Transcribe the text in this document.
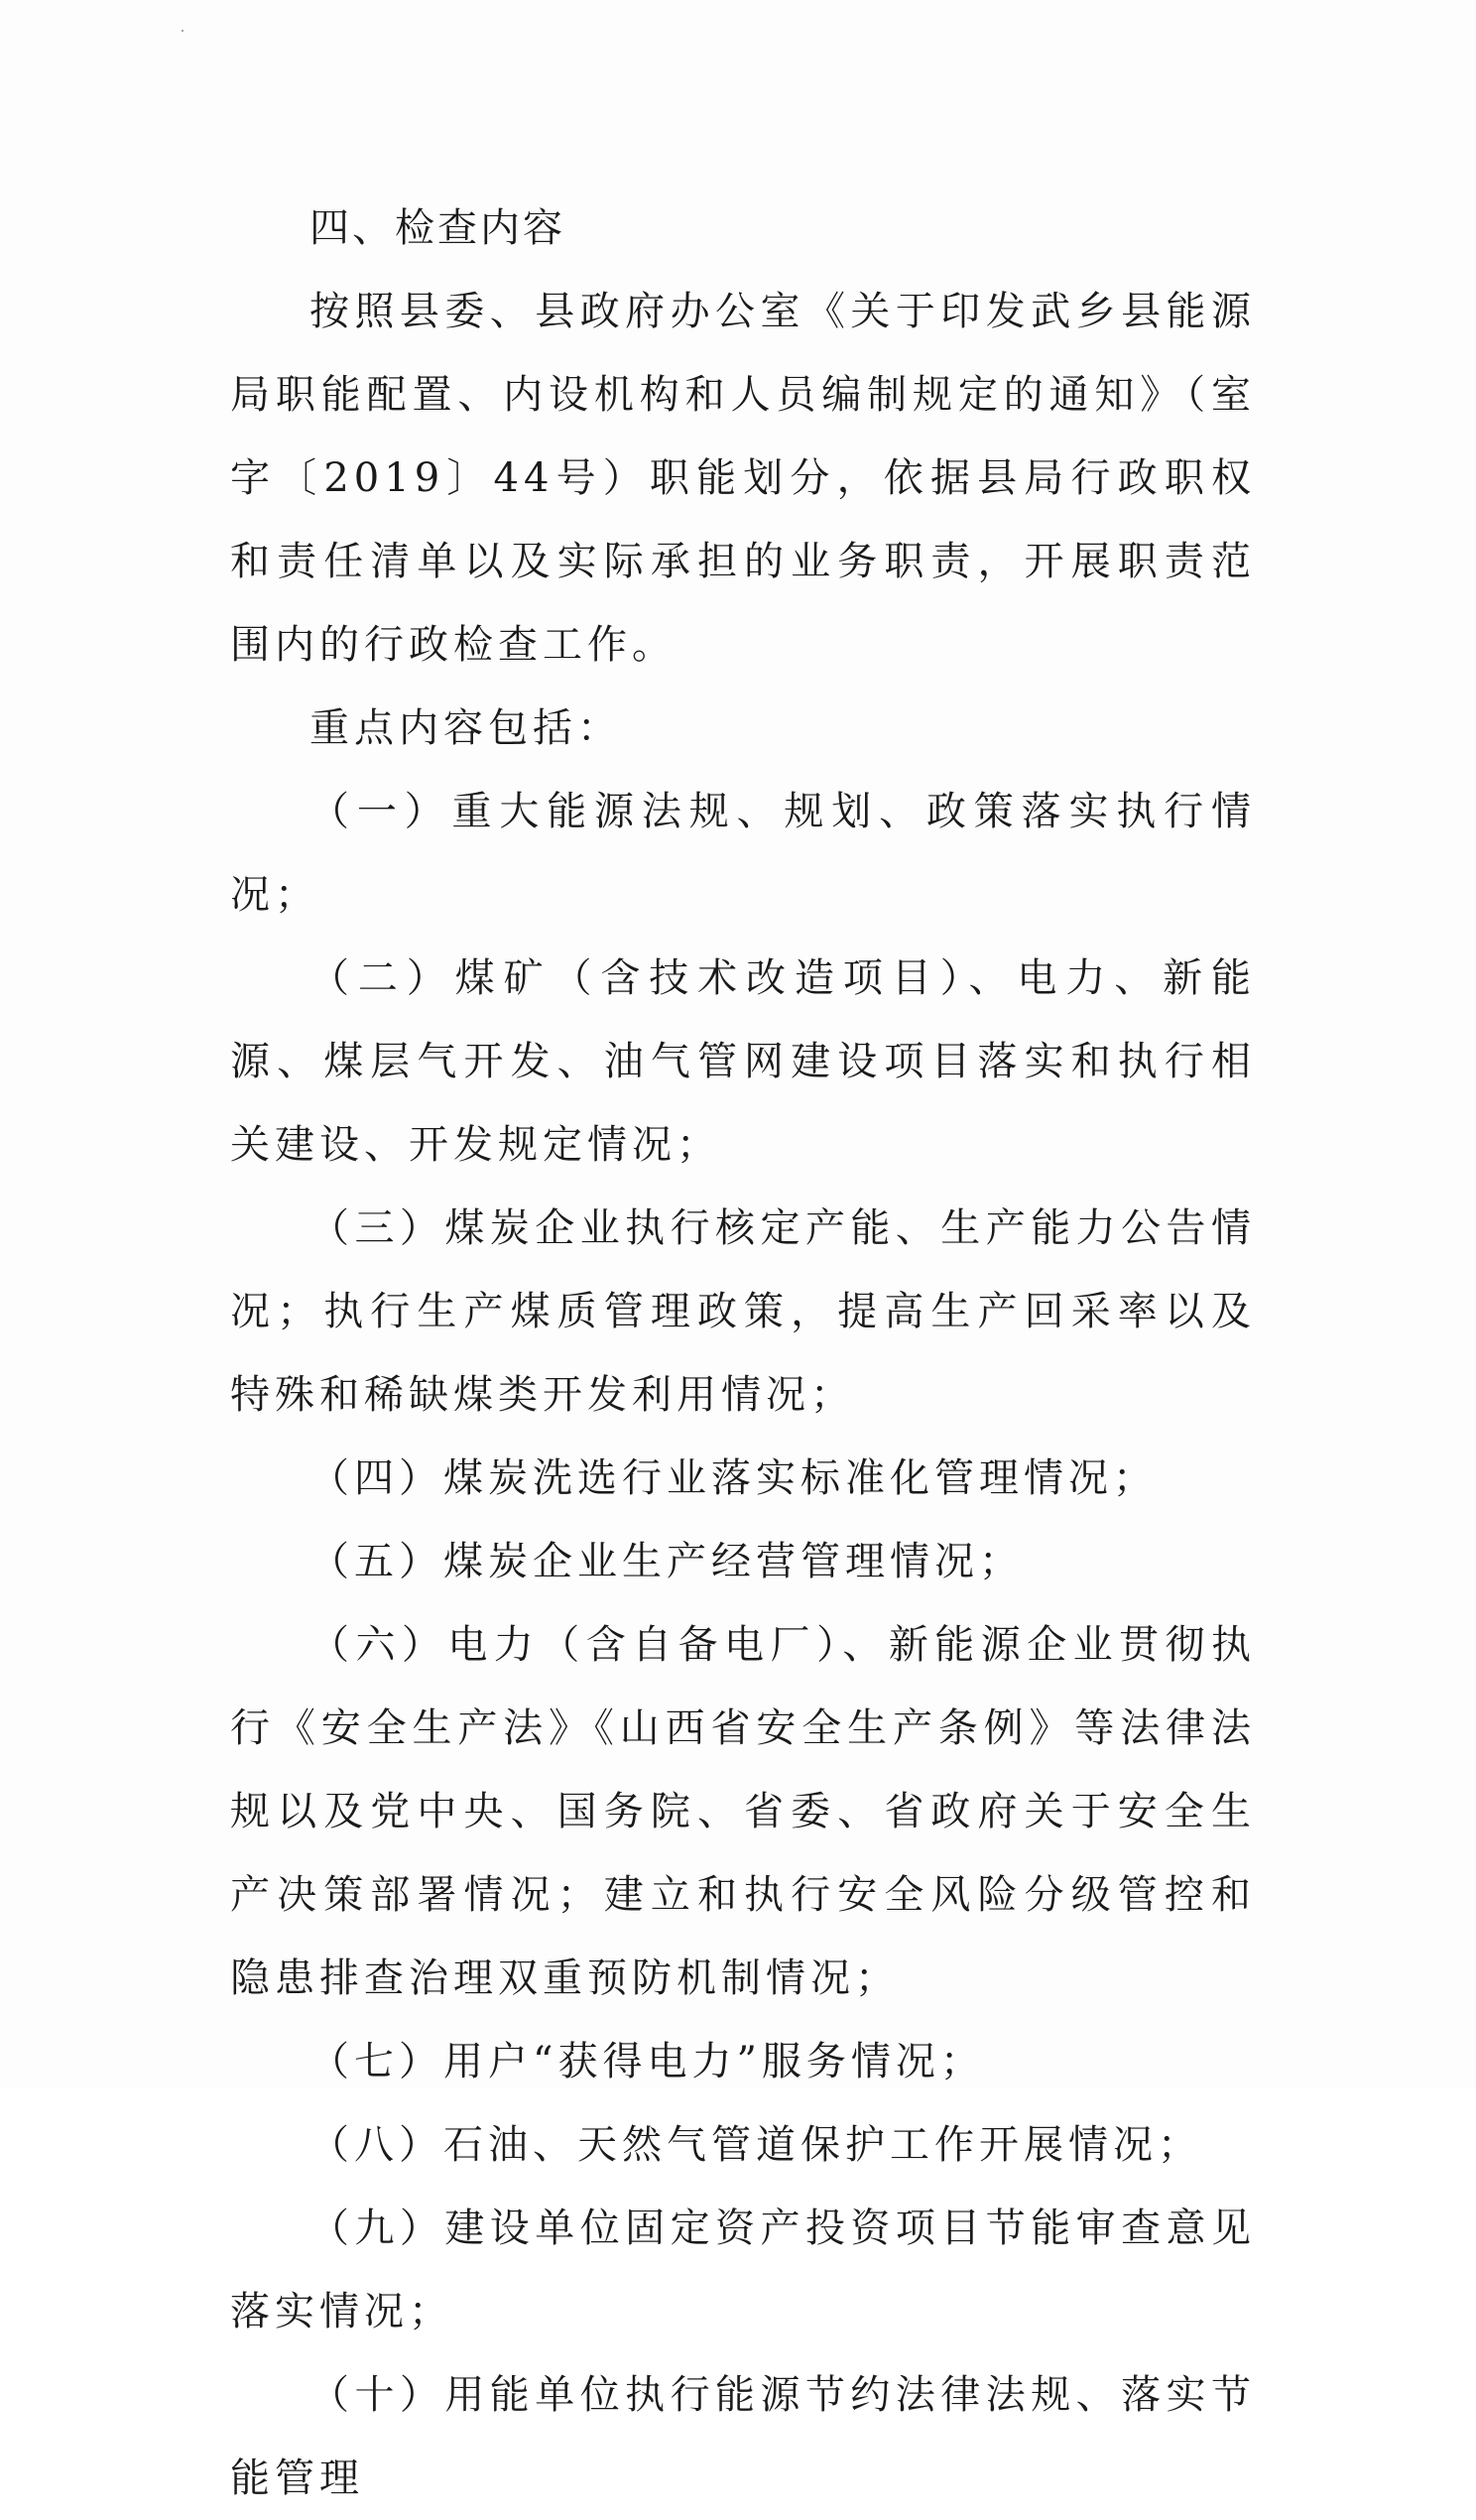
四、检查内容

按照县委、县政府办公室《关于印发武乡县能源局职能配置、内设机构和人员编制规定的通知》（室字〔2019〕44号）职能划分，依据县局行政职权和责任清单以及实际承担的业务职责，开展职责范围内的行政检查工作。

重点内容包括：

（一）重大能源法规、规划、政策落实执行情况；

（二）煤矿（含技术改造项目）、电力、新能源、煤层气开发、油气管网建设项目落实和执行相关建设、开发规定情况；

（三）煤炭企业执行核定产能、生产能力公告情况；执行生产煤质管理政策，提高生产回采率以及特殊和稀缺煤类开发利用情况；

（四）煤炭洗选行业落实标准化管理情况；

（五）煤炭企业生产经营管理情况；

（六）电力（含自备电厂）、新能源企业贯彻执行《安全生产法》《山西省安全生产条例》等法律法规以及党中央、国务院、省委、省政府关于安全生产决策部署情况；建立和执行安全风险分级管控和隐患排查治理双重预防机制情况；

（七）用户“获得电力”服务情况；

（八）石油、天然气管道保护工作开展情况；

（九）建设单位固定资产投资项目节能审查意见落实情况；

（十）用能单位执行能源节约法律法规、落实节能管理
